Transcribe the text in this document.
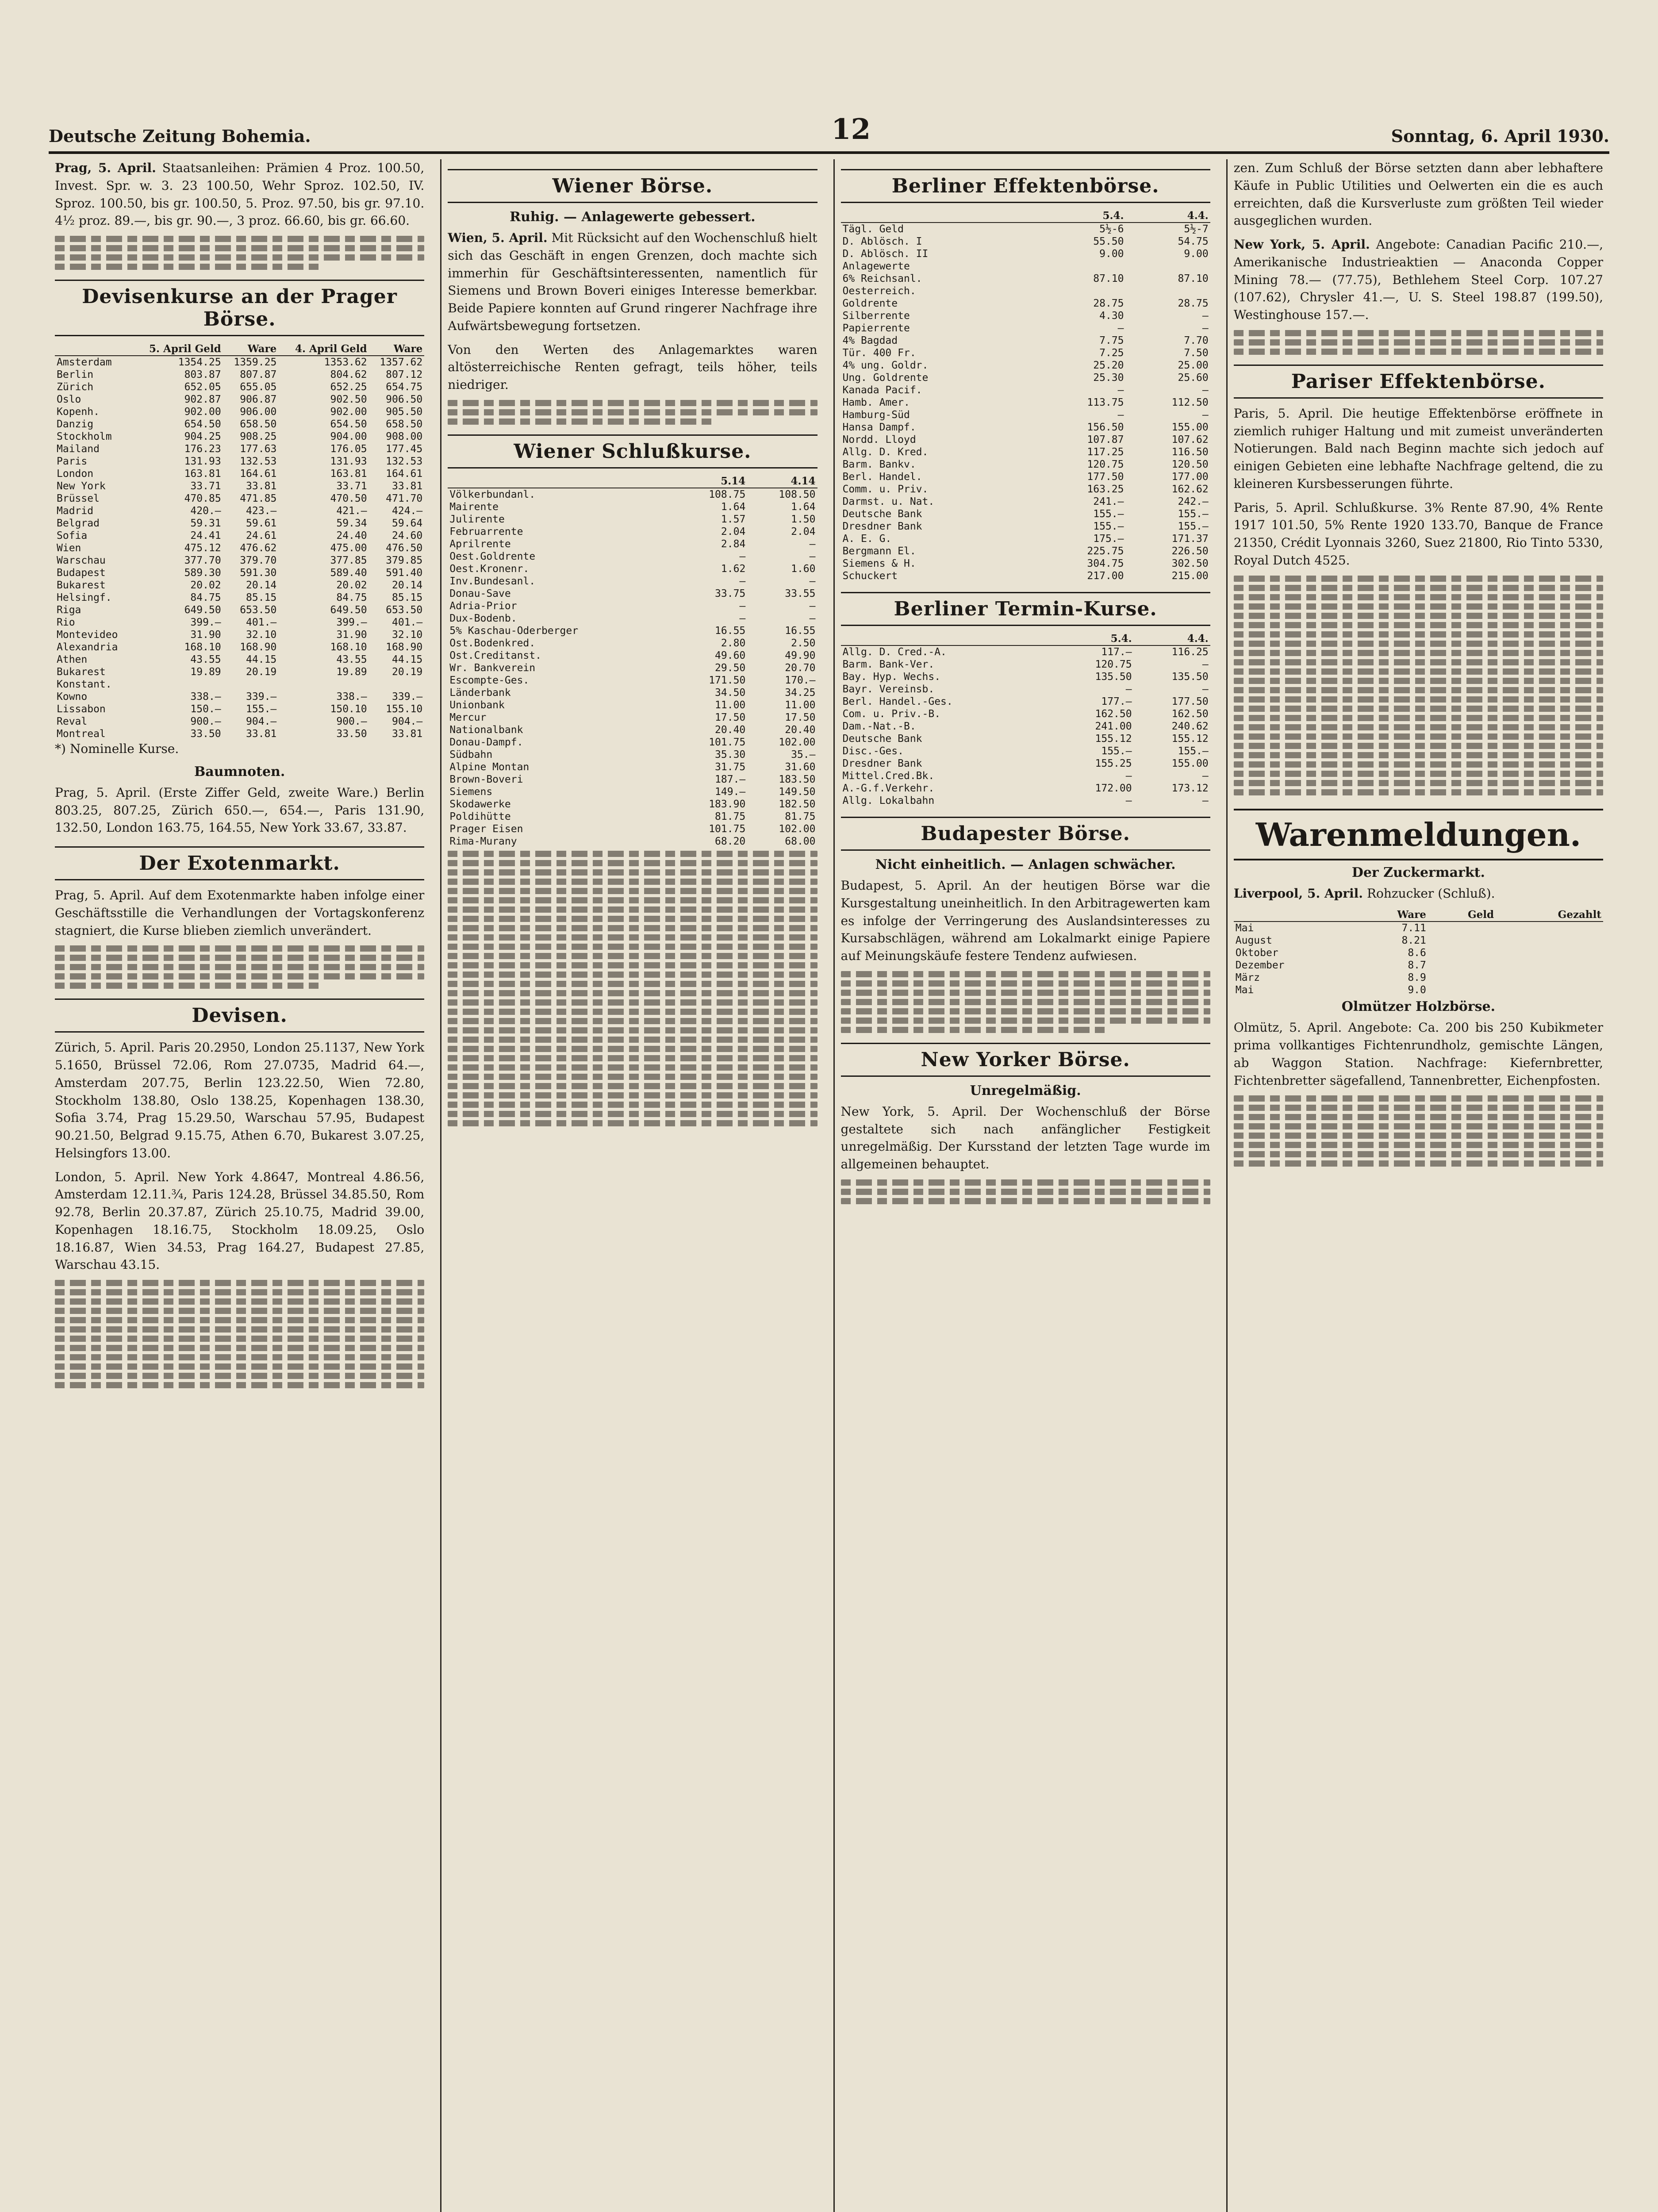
Deutsche Zeitung Bohemia.	12	Sonntag, 6. April 1930.

Prag, 5. April. Staatsanleihen: Prämien 4 Proz. 100.50, Invest. Spr. w. 3. 23 100.50, Wehr Sproz. 102.50, IV. Sproz. 100.50, bis gr. 100.50, 5. Proz. 97.50, bis gr. 97.10. 4½ proz. 89.—, bis gr. 90.—, 3 proz. 66.60, bis gr. 66.60.

Devisenkurse an der Prager Börse.
	5. April Geld	Ware	4. April Geld	Ware
Amsterdam	1354.25	1359.25	1353.62	1357.62
Berlin	803.87	807.87	804.62	807.12
Zürich	652.05	655.05	652.25	654.75
Oslo	902.87	906.87	902.50	906.50
Kopenh.	902.00	906.00	902.00	905.50
Danzig	654.50	658.50	654.50	658.50
Stockholm	904.25	908.25	904.00	908.00
Mailand	176.23	177.63	176.05	177.45
Paris	131.93	132.53	131.93	132.53
London	163.81	164.61	163.81	164.61
New York	33.71	33.81	33.71	33.81
Brüssel	470.85	471.85	470.50	471.70
Madrid	420.—	423.—	421.—	424.—
Belgrad	59.31	59.61	59.34	59.64
Sofia	24.41	24.61	24.40	24.60
Wien	475.12	476.62	475.00	476.50
Warschau	377.70	379.70	377.85	379.85
Budapest	589.30	591.30	589.40	591.40
Bukarest	20.02	20.14	20.02	20.14
Helsingf.	84.75	85.15	84.75	85.15
Riga	649.50	653.50	649.50	653.50
Rio	399.—	401.—	399.—	401.—
Montevideo	31.90	32.10	31.90	32.10
Alexandria	168.10	168.90	168.10	168.90
Athen	43.55	44.15	43.55	44.15
Bukarest	19.89	20.19	19.89	20.19
Konstant.				
Kowno	338.—	339.—	338.—	339.—
Lissabon	150.—	155.—	150.10	155.10
Reval	900.—	904.—	900.—	904.—
Montreal	33.50	33.81	33.50	33.81

*) Nominelle Kurse.

Baumnoten.

Prag, 5. April. (Erste Ziffer Geld, zweite Ware.) Berlin 803.25, 807.25, Zürich 650.—, 654.—, Paris 131.90, 132.50, London 163.75, 164.55, New York 33.67, 33.87.

Der Exotenmarkt.

Prag, 5. April. Auf dem Exotenmarkte haben infolge einer Geschäftsstille die Verhandlungen der Vortagskonferenz stagniert, die Kurse blieben ziemlich unverändert.

Devisen.

Zürich, 5. April. Paris 20.2950, London 25.1137, New York 5.1650, Brüssel 72.06, Rom 27.0735, Madrid 64.—, Amsterdam 207.75, Berlin 123.22.50, Wien 72.80, Stockholm 138.80, Oslo 138.25, Kopenhagen 138.30, Sofia 3.74, Prag 15.29.50, Warschau 57.95, Budapest 90.21.50, Belgrad 9.15.75, Athen 6.70, Bukarest 3.07.25, Helsingfors 13.00.

London, 5. April. New York 4.8647, Montreal 4.86.56, Amsterdam 12.11.¾, Paris 124.28, Brüssel 34.85.50, Rom 92.78, Berlin 20.37.87, Zürich 25.10.75, Madrid 39.00, Kopenhagen 18.16.75, Stockholm 18.09.25, Oslo 18.16.87, Wien 34.53, Prag 164.27, Budapest 27.85, Warschau 43.15.

Wiener Börse.
Ruhig. — Anlagewerte gebessert.

Wien, 5. April. Mit Rücksicht auf den Wochenschluß hielt sich das Geschäft in engen Grenzen, doch machte sich immerhin für Geschäftsinteressenten, namentlich für Siemens und Brown Boveri einiges Interesse bemerkbar. Beide Papiere konnten auf Grund ringerer Nachfrage ihre Aufwärtsbewegung fortsetzen.

Von den Werten des Anlagemarktes waren altösterreichische Renten gefragt, teils höher, teils niedriger.

Wiener Schlußkurse.
	5.14	4.14
Völkerbundanl.	108.75	108.50
Mairente	1.64	1.64
Julirente	1.57	1.50
Februarrente	2.04	2.04
Aprilrente	2.84	—
Oest.Goldrente	—	—
Oest.Kronenr.	1.62	1.60
Inv.Bundesanl.	—	—
Donau-Save	33.75	33.55
Adria-Prior	—	—
Dux-Bodenb.	—	—
5% Kaschau-Oderberger	16.55	16.55
Ost.Bodenkred.	2.80	2.50
Ost.Creditanst.	49.60	49.90
Wr. Bankverein	29.50	20.70
Escompte-Ges.	171.50	170.—
Länderbank	34.50	34.25
Unionbank	11.00	11.00
Mercur	17.50	17.50
Nationalbank	20.40	20.40
Donau-Dampf.	101.75	102.00
Südbahn	35.30	35.—
Alpine Montan	31.75	31.60
Brown-Boveri	187.—	183.50
Siemens	149.—	149.50
Skodawerke	183.90	182.50
Poldihütte	81.75	81.75
Prager Eisen	101.75	102.00
Rima-Murany	68.20	68.00
Berliner Effektenbörse.
	5.4.	4.4.
Tägl. Geld	5½-6	5½-7
D. Ablösch. I	55.50	54.75
D. Ablösch. II	9.00	9.00
Anlagewerte		
6% Reichsanl.	87.10	87.10
Oesterreich.		
Goldrente	28.75	28.75
Silberrente	4.30	—
Papierrente	—	—
4% Bagdad	7.75	7.70
Tür. 400 Fr.	7.25	7.50
4% ung. Goldr.	25.20	25.00
Ung. Goldrente	25.30	25.60
Kanada Pacif.	—	—
Hamb. Amer.	113.75	112.50
Hamburg-Süd	—	—
Hansa Dampf.	156.50	155.00
Nordd. Lloyd	107.87	107.62
Allg. D. Kred.	117.25	116.50
Barm. Bankv.	120.75	120.50
Berl. Handel.	177.50	177.00
Comm. u. Priv.	163.25	162.62
Darmst. u. Nat.	241.—	242.—
Deutsche Bank	155.—	155.—
Dresdner Bank	155.—	155.—
A. E. G.	175.—	171.37
Bergmann El.	225.75	226.50
Siemens & H.	304.75	302.50
Schuckert	217.00	215.00
Berliner Termin-Kurse.
	5.4.	4.4.
Allg. D. Cred.-A.	117.—	116.25
Barm. Bank-Ver.	120.75	—
Bay. Hyp. Wechs.	135.50	135.50
Bayr. Vereinsb.	—	—
Berl. Handel.-Ges.	177.—	177.50
Com. u. Priv.-B.	162.50	162.50
Dam.-Nat.-B.	241.00	240.62
Deutsche Bank	155.12	155.12
Disc.-Ges.	155.—	155.—
Dresdner Bank	155.25	155.00
Mittel.Cred.Bk.	—	—
A.-G.f.Verkehr.	172.00	173.12
Allg. Lokalbahn	—	—
Budapester Börse.
Nicht einheitlich. — Anlagen schwächer.

Budapest, 5. April. An der heutigen Börse war die Kursgestaltung uneinheitlich. In den Arbitragewerten kam es infolge der Verringerung des Auslandsinteresses zu Kursabschlägen, während am Lokalmarkt einige Papiere auf Meinungskäufe festere Tendenz aufwiesen.

New Yorker Börse.
Unregelmäßig.

New York, 5. April. Der Wochenschluß der Börse gestaltete sich nach anfänglicher Festigkeit unregelmäßig. Der Kursstand der letzten Tage wurde im allgemeinen behauptet.

zen. Zum Schluß der Börse setzten dann aber lebhaftere Käufe in Public Utilities und Oelwerten ein die es auch erreichten, daß die Kursverluste zum größten Teil wieder ausgeglichen wurden.

New York, 5. April. Angebote: Canadian Pacific 210.—, Amerikanische Industrieaktien — Anaconda Copper Mining 78.— (77.75), Bethlehem Steel Corp. 107.27 (107.62), Chrysler 41.—, U. S. Steel 198.87 (199.50), Westinghouse 157.—.

Pariser Effektenbörse.

Paris, 5. April. Die heutige Effektenbörse eröffnete in ziemlich ruhiger Haltung und mit zumeist unveränderten Notierungen. Bald nach Beginn machte sich jedoch auf einigen Gebieten eine lebhafte Nachfrage geltend, die zu kleineren Kursbesserungen führte.

Paris, 5. April. Schlußkurse. 3% Rente 87.90, 4% Rente 1917 101.50, 5% Rente 1920 133.70, Banque de France 21350, Crédit Lyonnais 3260, Suez 21800, Rio Tinto 5330, Royal Dutch 4525.

Warenmeldungen.
Der Zuckermarkt.

Liverpool, 5. April. Rohzucker (Schluß).

	Ware	Geld	Gezahlt
Mai	7.11		
August	8.21		
Oktober	8.6		
Dezember	8.7		
März	8.9		
Mai	9.0		
Olmützer Holzbörse.

Olmütz, 5. April. Angebote: Ca. 200 bis 250 Kubikmeter prima vollkantiges Fichtenrundholz, gemischte Längen, ab Waggon Station. Nachfrage: Kiefernbretter, Fichtenbretter sägefallend, Tannenbretter, Eichenpfosten.
